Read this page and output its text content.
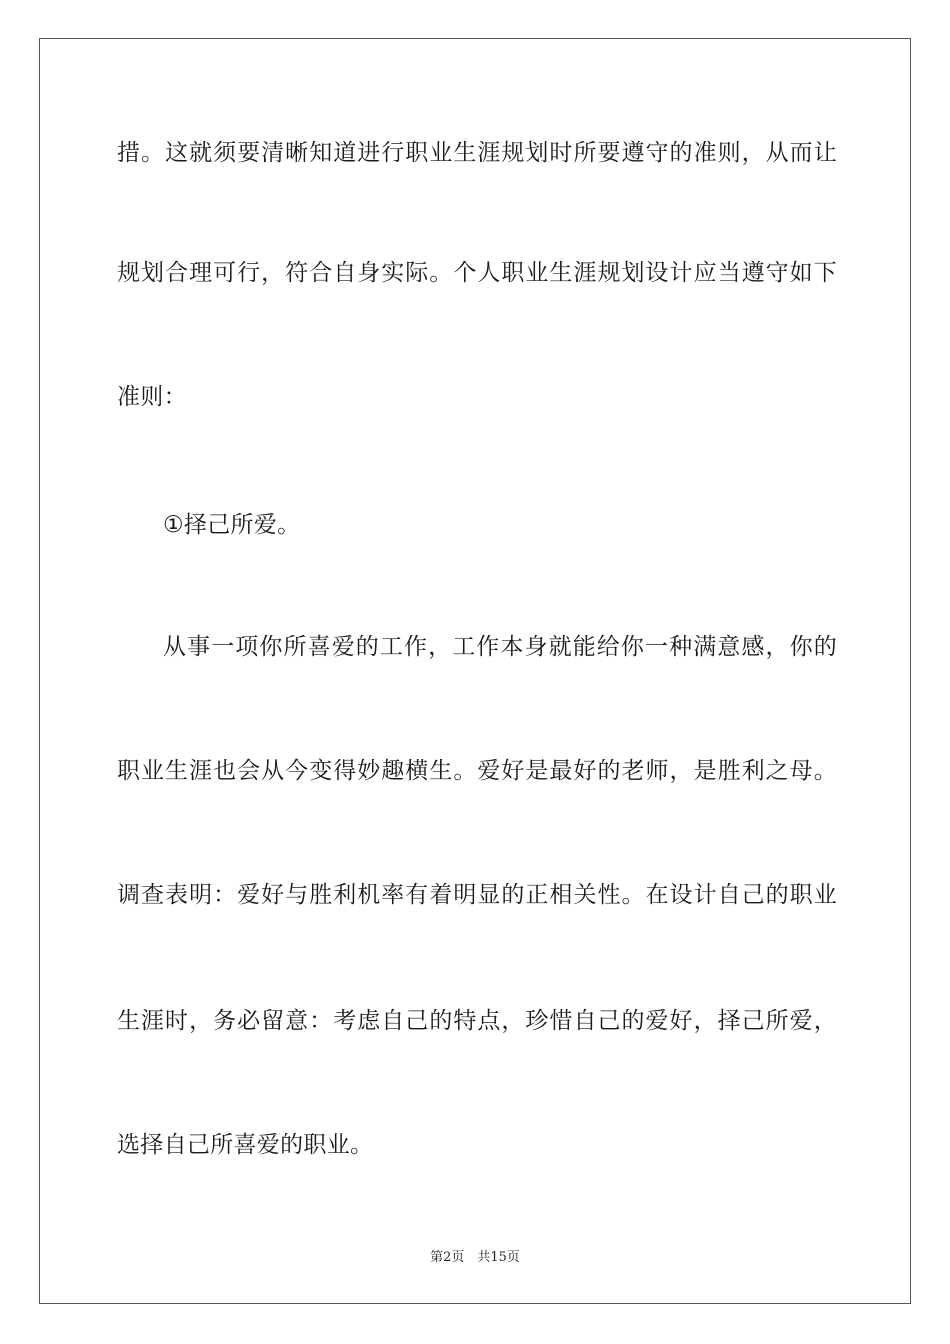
措。这就须要清晰知道进行职业生涯规划时所要遵守的准则，从而让
规划合理可行，符合自身实际。个人职业生涯规划设计应当遵守如下
准则：
①择己所爱。
从事一项你所喜爱的工作，工作本身就能给你一种满意感，你的
职业生涯也会从今变得妙趣横生。爱好是最好的老师，是胜利之母。
调查表明：爱好与胜利机率有着明显的正相关性。在设计自己的职业
生涯时，务必留意：考虑自己的特点，珍惜自己的爱好，择己所爱，
选择自己所喜爱的职业。
第2页　共15页
